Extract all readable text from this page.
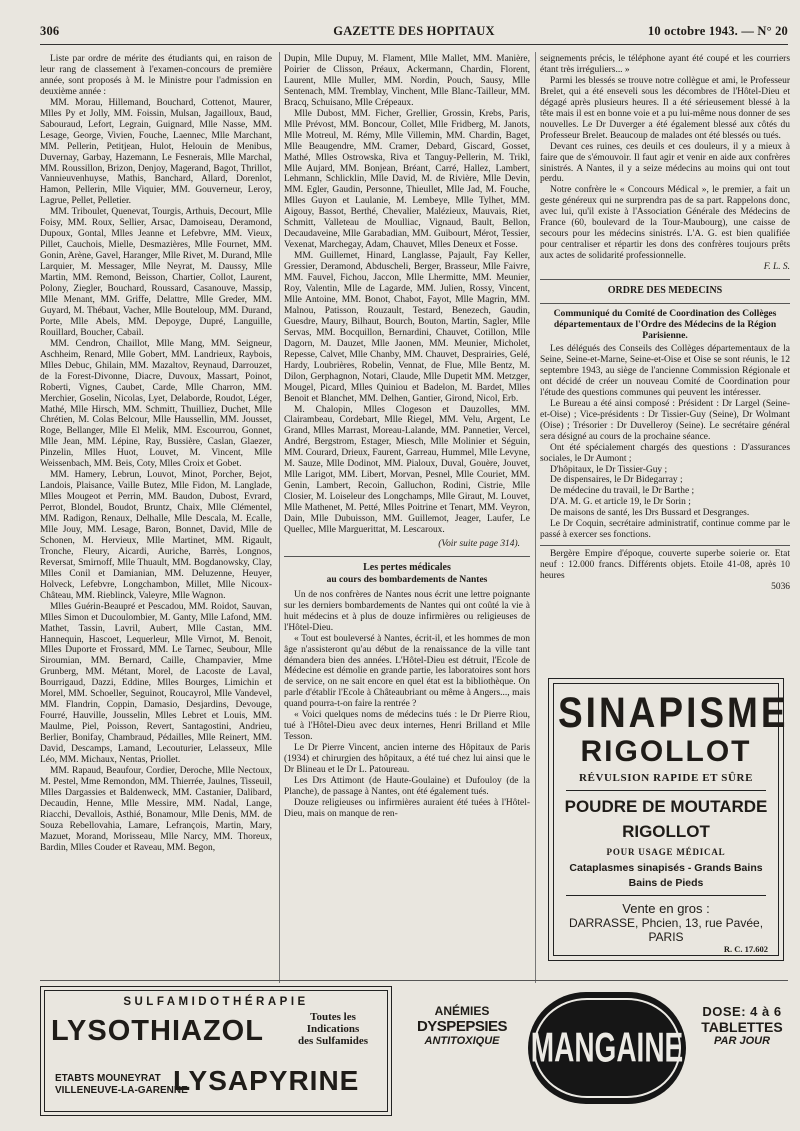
306	GAZETTE DES HOPITAUX	10 octobre 1943. — N° 20

Liste par ordre de mérite des étudiants qui, en raison de leur rang de classement à l'examen-concours de première année, sont proposés à M. le Ministre pour l'admission en deuxième année :

MM. Morau, Hillemand, Bouchard, Cottenot, Maurer, Mlles Py et Jolly, MM. Foissin, Mulsan, Jagailloux, Baud, Sabouraud, Lefort, Legrain, Guignard, Mlle Nasse, MM. Lesage, George, Vivien, Fouche, Laennec, Mlle Marchant, MM. Pellerin, Petitjean, Hulot, Helouin de Menibus, Duvernay, Garbay, Hazemann, Le Fesnerais, Mlle Marchal, MM. Roussillon, Brizon, Denjoy, Magerand, Bagot, Thrillot, Vannieuvenhuyse, Mathis, Banchard, Allard, Dorenlot, Hamon, Pellerin, Mlle Viquier, MM. Gouverneur, Leroy, Lagrue, Pellet, Pelletier.

MM. Triboulet, Quenevat, Tourgis, Arthuis, Decourt, Mlle Foisy, MM. Roux, Sellier, Arsac, Damoiseau, Deramond, Dupoux, Gontal, Mlles Jeanne et Lefebvre, MM. Vieux, Pillet, Cauchois, Mielle, Desmazières, Mlle Fournet, MM. Gonin, Arène, Gavel, Haranger, Mlle Rivet, M. Durand, Mlle Larquier, M. Messager, Mlle Neyrat, M. Daussy, Mlle Martin, MM. Remond, Beisson, Chartier, Collot, Laurent, Polony, Ziegler, Bouchard, Roussard, Casanouve, Massip, Mlle Menant, MM. Griffe, Delattre, Mlle Greder, MM. Guyard, M. Thébaut, Vacher, Mlle Bouteloup, MM. Durand, Porte, Mlle Abels, MM. Depoyge, Dupré, Languille, Rouillard, Boucher, Cabail.

MM. Cendron, Chaillot, Mlle Mang, MM. Seigneur, Aschheim, Renard, Mlle Gobert, MM. Landrieux, Raybois, Mlles Debuc, Ghilain, MM. Mazaltov, Reynaud, Darrouzet, de la Forest-Divonne, Diacre, Duvoux, Massart, Poinot, Roberti, Vignes, Caubet, Carde, Mlle Charron, MM. Merchier, Goselin, Nicolas, Lyet, Delaborde, Roudot, Léger, Mathé, Mlle Hirsch, MM. Schmitt, Thuilliez, Duchet, Mlle Chrétien, M. Colas Belcour, Mlle Haussellin, MM. Jousset, Roge, Bellanger, Mlle El Melik, MM. Escourrou, Gonnet, Mlle Jean, MM. Lépine, Ray, Bussière, Caslan, Glaezer, Pinzelin, Mlles Huot, Louvet, M. Vincent, Mlle Weissenbach, MM. Beis, Coty, Mlles Croix et Gobet.

MM. Hamery, Lebrun, Louvot, Minot, Porcher, Bejot, Landois, Plaisance, Vaille Butez, Mlle Fidon, M. Langlade, Mlles Mougeot et Perrin, MM. Baudon, Dubost, Evrard, Perrot, Blondel, Boudot, Bruntz, Chaix, Mlle Clémentel, MM. Radigon, Renaux, Delhalle, Mlle Descala, M. Ecalle, Mlle Jouy, MM. Lesage, Baron, Bonnet, David, Mlle de Schonen, M. Hervieux, Mlle Martinet, MM. Rigault, Tronche, Fleury, Aicardi, Auriche, Barrès, Longnos, Reversat, Smirnoff, Mlle Thuault, MM. Bogdanowsky, Clay, Mlles Conil et Damianian, MM. Deluzenne, Heuyer, Holveck, Lefebvre, Longchambon, Millet, Mlle Nicoux-Château, MM. Rieblinck, Valeyre, Mlle Wagnon.

Mlles Guérin-Beaupré et Pescadou, MM. Roidot, Sauvan, Mlles Simon et Ducoulombier, M. Ganty, Mlle Lafond, MM. Mathet, Tassin, Lavril, Aubert, Mlle Castan, MM. Hannequin, Hascoet, Lequerleur, Mlle Virnot, M. Benoit, Mlles Duporte et Frossard, MM. Le Tarnec, Seubour, Mlle Siroumian, MM. Bernard, Caille, Champavier, Mme Grunberg, MM. Métant, Morel, de Lacoste de Laval, Bourrigaud, Dazzi, Eddine, Mlles Bourges, Limichin et Morel, MM. Schoeller, Seguinot, Roucayrol, Mlle Vandevel, MM. Flandrin, Coppin, Damasio, Desjardins, Devouge, Fourré, Hauville, Jousselin, Mlles Lebret et Louis, MM. Maulme, Piel, Poisson, Revert, Santagostini, Andrieu, Berlier, Bonifay, Chambraud, Pédailles, Mlle Reinert, MM. David, Descamps, Lamand, Lecouturier, Lelasseux, Mlle Léo, MM. Michaux, Nentas, Priollet.

MM. Rapaud, Beaufour, Cordier, Deroche, Mlle Nectoux, M. Pestel, Mme Remondon, MM. Thierrée, Jaulnes, Tisseuil, Mlles Dargassies et Baldenweck, MM. Castanier, Dalibard, Decaudin, Henne, Mlle Messire, MM. Nadal, Lange, Riacchi, Devallois, Asthié, Bonamour, Mlle Denis, MM. de Souza Rebellovahia, Lamare, Lefrançois, Martin, Mary, Mazuet, Morand, Morisseau, Mlle Narcy, MM. Thoreux, Bardin, Mlles Couder et Raveau, MM. Begon,

Dupin, Mlle Dupuy, M. Flament, Mlle Mallet, MM. Manière, Poirier de Clisson, Préaux, Ackermann, Chardin, Florent, Laurent, Mlle Muller, MM. Nordin, Pouch, Sausy, Mlle Sentenach, MM. Tremblay, Vinchent, Mlle Blanc-Tailleur, MM. Bracq, Schuisano, Mlle Crépeaux.

Mlle Dubost, MM. Ficher, Grellier, Grossin, Krebs, Paris, Mlle Prévost, MM. Boncour, Collet, Mlle Fridberg, M. Janots, Mlle Motreul, M. Rémy, Mlle Villemin, MM. Chardin, Baget, Mlle Beaugendre, MM. Cramer, Debard, Giscard, Gosset, Mathé, Mlles Ostrowska, Riva et Tanguy-Pellerin, M. Trikl, Mlle Aujard, MM. Bonjean, Bréant, Carré, Hallez, Lambert, Lehmann, Schlicklin, Mlle David, M. de Rivière, Mlle Devin, MM. Egler, Gaudin, Personne, Thieullet, Mlle Jad, M. Fouche, Mlles Guyon et Laulanie, M. Lembeye, Mlle Tylhet, MM. Aigouy, Bassot, Berthé, Chevalier, Malézieux, Mauvais, Riet, Schmitt, Valleteau de Moulliac, Vignaud, Bault, Bellon, Decaudaveine, Mlle Garabadian, MM. Guibourt, Mérot, Tessier, Vexenat, Marchegay, Adam, Chauvet, Mlles Deneux et Fosse.

MM. Guillemet, Hinard, Langlasse, Pajault, Fay Keller, Gressier, Deramond, Abduscheli, Berger, Brasseur, Mlle Faivre, MM. Fauvel, Fichou, Jaccon, Mlle Lhermitte, MM. Meunier, Roy, Valentin, Mlle de Lagarde, MM. Julien, Rossy, Vincent, Mlle Antoine, MM. Bonot, Chabot, Fayot, Mlle Magrin, MM. Malnou, Patisson, Rouzault, Testard, Benezech, Gaudin, Guesdre, Maury, Bilhaut, Bourch, Bouton, Martin, Sagler, Mlle Servas, MM. Bocquillon, Bernardini, Chauvet, Cotillon, Mlle Dagorn, M. Dauzet, Mlle Jaonen, MM. Meunier, Micholet, Repesse, Calvet, Mlle Chanby, MM. Chauvet, Desprairies, Gelé, Hardy, Loubrières, Robelin, Vennat, de Flue, Mlle Bentz, M. Dilon, Gerphagnon, Notari, Claude, Mlle Dupetit MM. Metzger, Mougel, Picard, Mlles Quiniou et Badelon, M. Bardet, Mlles Benoit et Blanchet, MM. Delhen, Gantier, Girond, Nicol, Erb.

M. Chalopin, Mlles Clogeson et Dauzolles, MM. Clairambeau, Cordebart, Mlle Riegel, MM. Velu, Argent, Le Grand, Mlles Marrast, Moreau-Lalande, MM. Pannetier, Vercel, André, Bergstrom, Estager, Miesch, Mlle Molinier et Séguin, MM. Courard, Drieux, Faurent, Garreau, Hummel, Mlle Levyne, M. Sauze, Mlle Dodinot, MM. Pialoux, Duval, Gouère, Jouvet, Mlle Larigot, MM. Libert, Morvan, Pesnel, Mlle Couriet, MM. Genin, Lambert, Recoin, Galluchon, Rodini, Cistrie, Mlle Closier, M. Loiseleur des Longchamps, Mlle Giraut, M. Louvet, Mlle Mathenet, M. Petté, Mlles Poitrine et Tenart, MM. Veyron, Dain, Mlle Dubuisson, MM. Guillemot, Jeager, Laufer, Le Quellec, Mlle Marguerittat, M. Lescaroux.

(Voir suite page 314).
Les pertes médicales
au cours des bombardements de Nantes

Un de nos confrères de Nantes nous écrit une lettre poignante sur les derniers bombardements de Nantes qui ont coûté la vie à huit médecins et à plus de douze infirmières ou religieuses de l'Hôtel-Dieu.

« Tout est bouleversé à Nantes, écrit-il, et les hommes de mon âge n'assisteront qu'au début de la renaissance de la ville tant démandera bien des années. L'Hôtel-Dieu est détruit, l'Ecole de Médecine est démolie en grande partie, les laboratoires sont hors de service, on ne sait encore en quel état est la bibliothèque. On parle d'établir l'Ecole à Châteaubriant ou même à Angers..., mais quand pourra-t-on faire la rentrée ?

« Voici quelques noms de médecins tués : le Dr Pierre Riou, tué à l'Hôtel-Dieu avec deux internes, Henri Brilland et Mlle Tesson.

Le Dr Pierre Vincent, ancien interne des Hôpitaux de Paris (1934) et chirurgien des hôpitaux, a été tué chez lui ainsi que le Dr Blineau et le Dr L. Patoureau.

Les Drs Attimont (de Haute-Goulaine) et Dufouloy (de la Planche), de passage à Nantes, ont été également tués.

Douze religieuses ou infirmières auraient été tuées à l'Hôtel-Dieu, mais on manque de ren-

seignements précis, le téléphone ayant été coupé et les courriers étant très irréguliers... »

Parmi les blessés se trouve notre collègue et ami, le Professeur Brelet, qui a été enseveli sous les décombres de l'Hôtel-Dieu et dégagé après plusieurs heures. Il a été sérieusement blessé à la tête mais il est en bonne voie et a pu lui-même nous donner de ses nouvelles. Le Dr Duverger a été également blessé aux côtés du Professeur Brelet. Beaucoup de malades ont été blessés ou tués.

Devant ces ruines, ces deuils et ces douleurs, il y a mieux à faire que de s'émouvoir. Il faut agir et venir en aide aux confrères sinistrés. A Nantes, il y a seize médecins au moins qui ont tout perdu.

Notre confrère le « Concours Médical », le premier, a fait un geste généreux qui ne surprendra pas de sa part. Rappelons donc, avec lui, qu'il existe à l'Association Générale des Médecins de France (60, boulevard de la Tour-Maubourg), une caisse de secours pour les médecins sinistrés. L'A. G. est bien qualifiée pour centraliser et répartir les dons des confrères toujours prêts aux actes de solidarité professionnelle.

F. L. S.
ORDRE DES MEDECINS
Communiqué du Comité de Coordination des Collèges départementaux de l'Ordre des Médecins de la Région Parisienne.

Les délégués des Conseils des Collèges départementaux de la Seine, Seine-et-Marne, Seine-et-Oise et Oise se sont réunis, le 12 septembre 1943, au siège de l'ancienne Commission Régionale et ont décidé de créer un nouveau Comité de Coordination pour l'étude des questions communes qui peuvent les intéresser.

Le Bureau a été ainsi composé : Président : Dr Largel (Seine-et-Oise) ; Vice-présidents : Dr Tissier-Guy (Seine), Dr Wolmant (Oise) ; Trésorier : Dr Duvelleroy (Seine). Le secrétaire général sera désigné au cours de la prochaine séance.

Ont été spécialement chargés des questions : D'assurances sociales, le Dr Aumont ;

D'hôpitaux, le Dr Tissier-Guy ;

De dispensaires, le Dr Bidegarray ;

De médecine du travail, le Dr Barthe ;

D'A. M. G. et article 19, le Dr Sorin ;

De maisons de santé, les Drs Bussard et Desgranges.

Le Dr Coquin, secrétaire administratif, continue comme par le passé à exercer ses fonctions.

Bergère Empire d'époque, couverte superbe soierie or. Etat neuf : 12.000 francs. Différents objets. Etoile 41-08, après 10 heures

5036
SINAPISME
RIGOLLOT
RÉVULSION RAPIDE ET SÛRE
POUDRE DE MOUTARDE
RIGOLLOT
POUR USAGE MÉDICAL
Cataplasmes sinapisés - Grands Bains
Bains de Pieds
Vente en gros :
DARRASSE, Phcien, 13, rue Pavée, PARIS
R. C. 17.602
SULFAMIDOTHÉRAPIE
LYSOTHIAZOL	Toutes les
Indications
des Sulfamides
ETABTS MOUNEYRAT
VILLENEUVE-LA-GARENNE
LYSAPYRINE
ANÉMIES
DYSPEPSIES
ANTITOXIQUE	MANGAINE
DOSE: 4 à 6
TABLETTES
PAR JOUR
